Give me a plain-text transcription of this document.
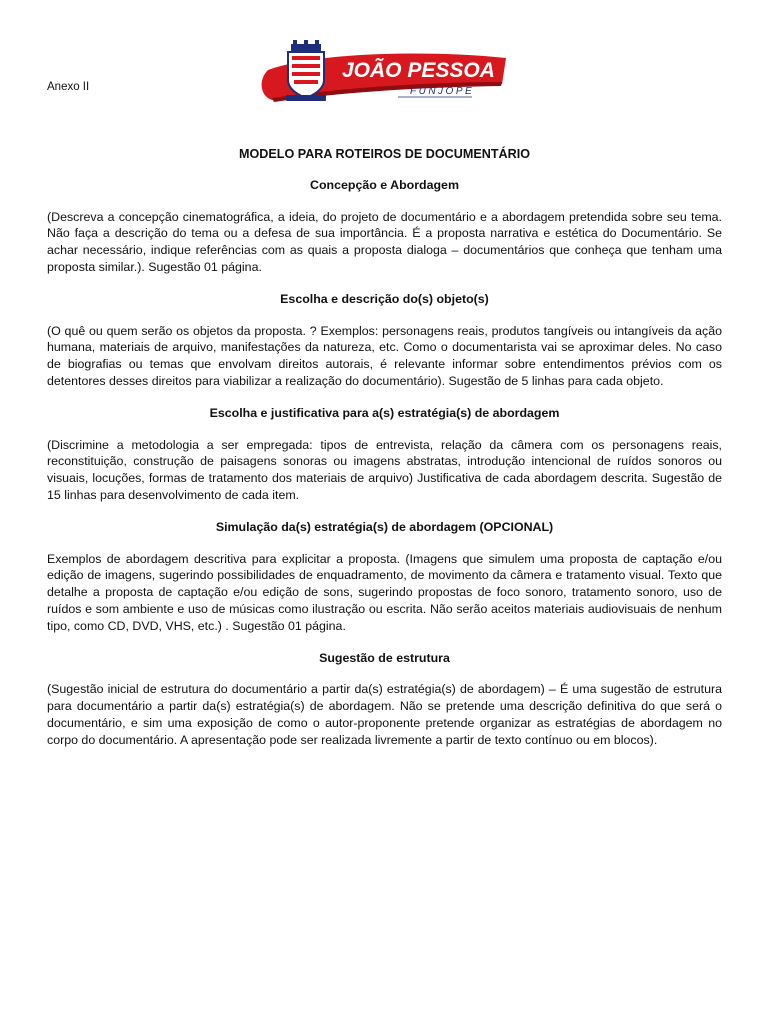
Anexo II
JOÃO PESSOA
FUNJOPE
MODELO PARA ROTEIROS DE DOCUMENTÁRIO
Concepção e Abordagem
(Descreva a concepção cinematográfica, a ideia, do projeto de documentário e a abordagem pretendida sobre seu tema. Não faça a descrição do tema ou a defesa de sua importância. É a proposta narrativa e estética do Documentário. Se achar necessário, indique referências com as quais a proposta dialoga – documentários que conheça que tenham uma proposta similar.). Sugestão 01 página.
Escolha e descrição do(s) objeto(s)
(O quê ou quem serão os objetos da proposta. ? Exemplos: personagens reais, produtos tangíveis ou intangíveis da ação humana, materiais de arquivo, manifestações da natureza, etc. Como o documentarista vai se aproximar deles. No caso de biografias ou temas que envolvam direitos autorais, é relevante informar sobre entendimentos prévios com os detentores desses direitos para viabilizar a realização do documentário). Sugestão de 5 linhas para cada objeto.
Escolha e justificativa para a(s) estratégia(s) de abordagem
(Discrimine a metodologia a ser empregada: tipos de entrevista, relação da câmera com os personagens reais, reconstituição, construção de paisagens sonoras ou imagens abstratas, introdução intencional de ruídos sonoros ou visuais, locuções, formas de tratamento dos materiais de arquivo) Justificativa de cada abordagem descrita. Sugestão de 15 linhas para desenvolvimento de cada item.
Simulação da(s) estratégia(s) de abordagem (OPCIONAL)
Exemplos de abordagem descritiva para explicitar a proposta. (Imagens que simulem uma proposta de captação e/ou edição de imagens, sugerindo possibilidades de enquadramento, de movimento da câmera e tratamento visual. Texto que detalhe a proposta de captação e/ou edição de sons, sugerindo propostas de foco sonoro, tratamento sonoro, uso de ruídos e som ambiente e uso de músicas como ilustração ou escrita. Não serão aceitos materiais audiovisuais de nenhum tipo, como CD, DVD, VHS, etc.) . Sugestão 01 página.
Sugestão de estrutura
(Sugestão inicial de estrutura do documentário a partir da(s) estratégia(s) de abordagem) – É uma sugestão de estrutura para documentário a partir da(s) estratégia(s) de abordagem. Não se pretende uma descrição definitiva do que será o documentário, e sim uma exposição de como o autor-proponente pretende organizar as estratégias de abordagem no corpo do documentário. A apresentação pode ser realizada livremente a partir de texto contínuo ou em blocos).
